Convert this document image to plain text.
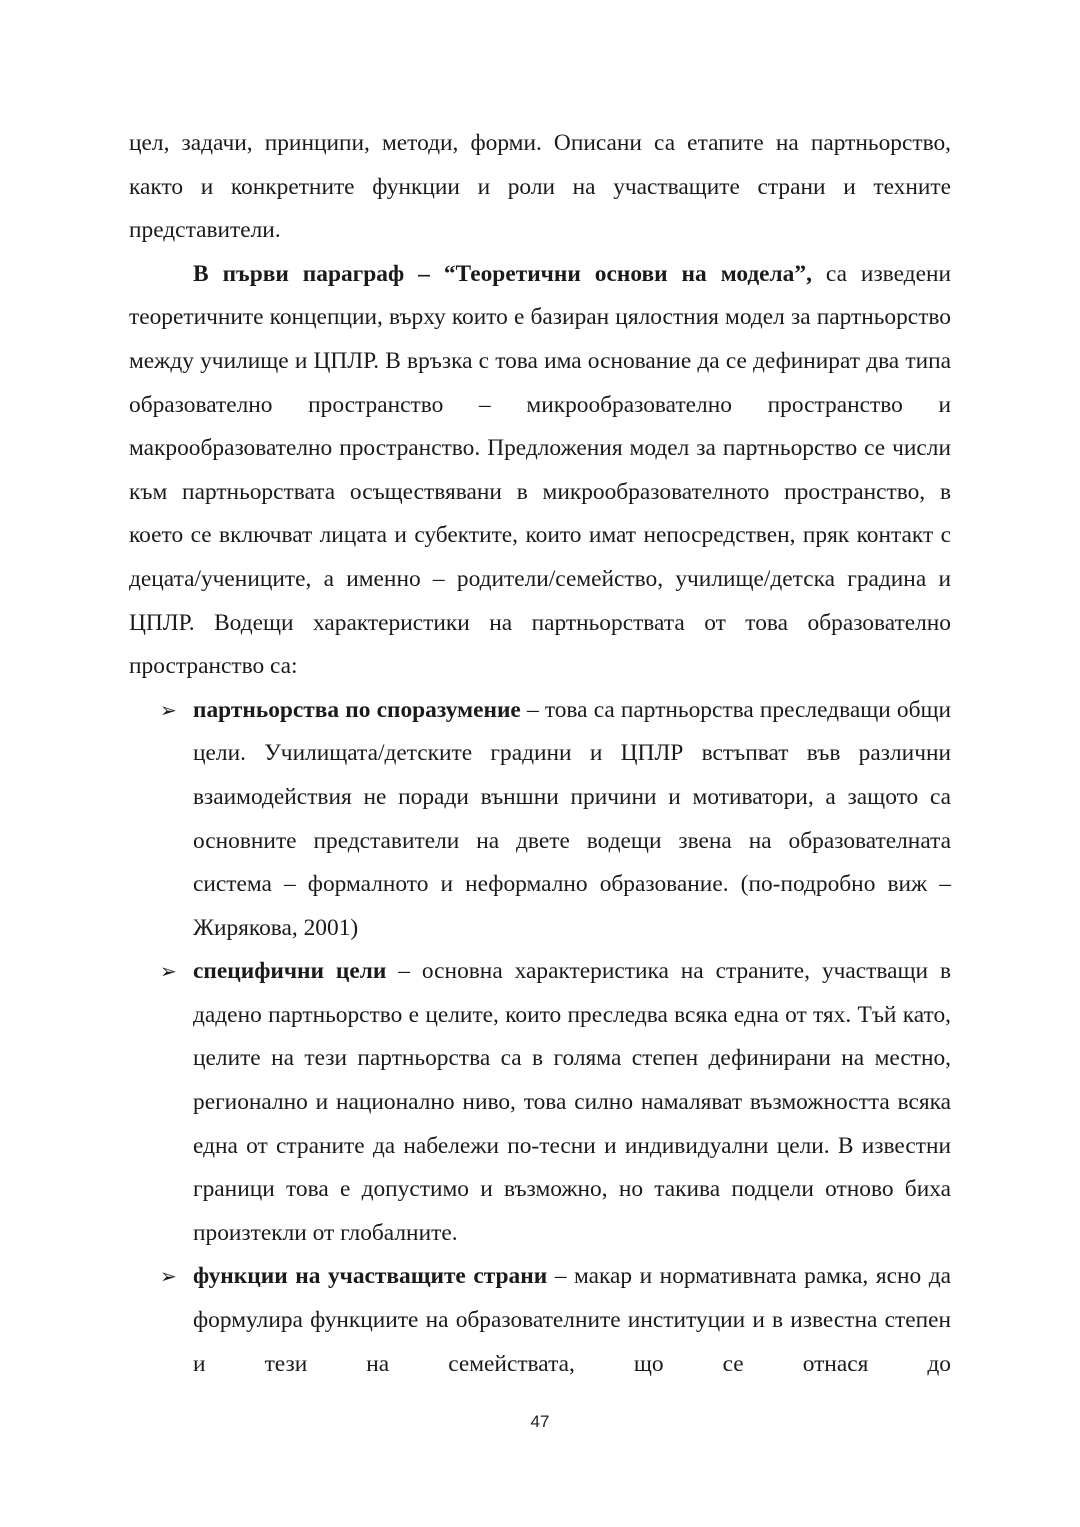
цел, задачи, принципи, методи, форми. Описани са етапите на партньорство, както и конкретните функции и роли на участващите страни и техните представители.

В първи параграф – “Теоретични основи на модела”, са изведени теоретичните концепции, върху които е базиран цялостния модел за партньорство между училище и ЦПЛР. В връзка с това има основание да се дефинират два типа образователно пространство – микрообразователно пространство и макрообразователно пространство. Предложения модел за партньорство се числи към партньорствата осъществявани в микрообразователното пространство, в което се включват лицата и субектите, които имат непосредствен, пряк контакт с децата/учениците, а именно – родители/семейство, училище/детска градина и ЦПЛР. Водещи характеристики на партньорствата от това образователно пространство са:

➢ партньорства по споразумение – това са партньорства преследващи общи цели. Училищата/детските градини и ЦПЛР встъпват във различни взаимодействия не поради външни причини и мотиватори, а защото са основните представители на двете водещи звена на образователната система – формалното и неформално образование. (по-подробно виж – Жирякова, 2001)
➢ специфични цели – основна характеристика на страните, участващи в дадено партньорство е целите, които преследва всяка една от тях. Тъй като, целите на тези партньорства са в голяма степен дефинирани на местно, регионално и национално ниво, това силно намаляват възможността всяка една от страните да набележи по-тесни и индивидуални цели. В известни граници това е допустимо и възможно, но такива подцели отново биха произтекли от глобалните.
➢ функции на участващите страни – макар и нормативната рамка, ясно да формулира функциите на образователните институции и в известна степен и тези на семействата, що се отнася до
47
